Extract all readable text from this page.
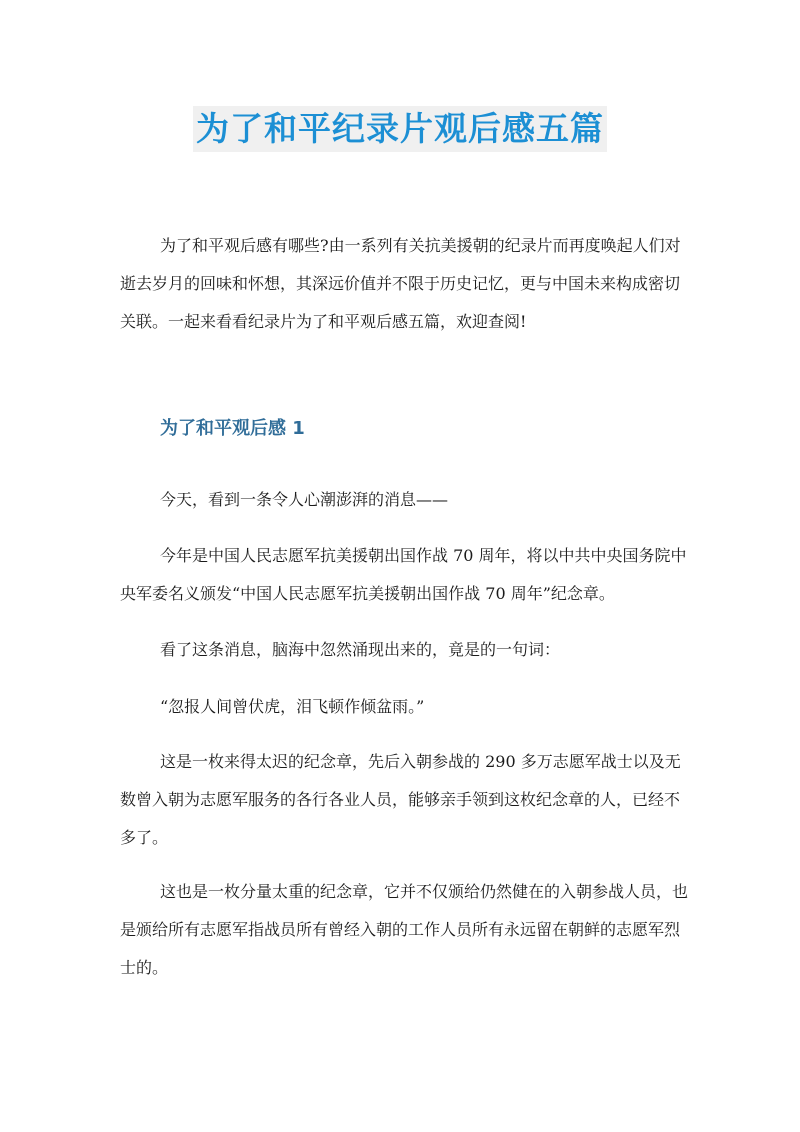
为了和平纪录片观后感五篇

为了和平观后感有哪些?由一系列有关抗美援朝的纪录片而再度唤起人们对逝去岁月的回味和怀想，其深远价值并不限于历史记忆，更与中国未来构成密切关联。一起来看看纪录片为了和平观后感五篇，欢迎查阅!

为了和平观后感 1

今天，看到一条令人心潮澎湃的消息——

今年是中国人民志愿军抗美援朝出国作战 70 周年，将以中共中央国务院中央军委名义颁发“中国人民志愿军抗美援朝出国作战 70 周年”纪念章。

看了这条消息，脑海中忽然涌现出来的，竟是的一句词：

“忽报人间曾伏虎，泪飞顿作倾盆雨。”

这是一枚来得太迟的纪念章，先后入朝参战的 290 多万志愿军战士以及无数曾入朝为志愿军服务的各行各业人员，能够亲手领到这枚纪念章的人，已经不多了。

这也是一枚分量太重的纪念章，它并不仅颁给仍然健在的入朝参战人员，也是颁给所有志愿军指战员所有曾经入朝的工作人员所有永远留在朝鲜的志愿军烈士的。
